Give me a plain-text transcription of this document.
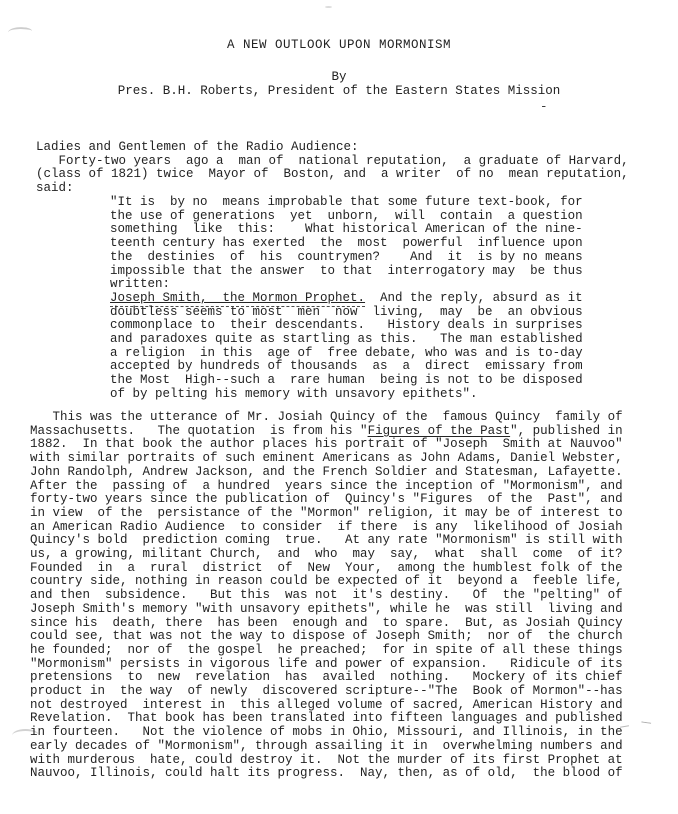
A NEW OUTLOOK UPON MORMONISM
By
Pres. B.H. Roberts, President of the Eastern States Mission
-
Ladies and Gentlemen of the Radio Audience:
Forty-two years  ago a  man of  national reputation,  a graduate of Harvard,
(class of 1821) twice  Mayor of  Boston, and  a writer  of no  mean reputation,
said:
"It is  by no  means improbable that some future text-book, for
the use of generations  yet  unborn,  will  contain  a question
something  like  this:    What historical American of the nine-
teenth century has exerted  the  most  powerful  influence upon
the  destinies  of  his  countrymen?    And  it  is by no means
impossible that the answer  to that  interrogatory may  be thus
written:
Joseph Smith,  the Mormon Prophet.  And the reply, absurd as it
doubtless seems to most  men  now  living,  may  be  an obvious
commonplace to  their descendants.   History deals in surprises
and paradoxes quite as startling as this.   The man established
a religion  in this  age of  free debate, who was and is to-day
accepted by hundreds of thousands  as  a  direct  emissary from
the Most  High--such a  rare human  being is not to be disposed
of by pelting his memory with unsavory epithets".
This was the utterance of Mr. Josiah Quincy of the  famous Quincy  family of
Massachusetts.   The quotation  is from his "Figures of the Past", published in
1882.  In that book the author places his portrait of "Joseph  Smith at Nauvoo"
with similar portraits of such eminent Americans as John Adams, Daniel Webster,
John Randolph, Andrew Jackson, and the French Soldier and Statesman, Lafayette.
After the  passing of  a hundred  years since the inception of "Mormonism", and
forty-two years since the publication of  Quincy's "Figures  of the  Past", and
in view  of the  persistance of the "Mormon" religion, it may be of interest to
an American Radio Audience  to consider  if there  is any  likelihood of Josiah
Quincy's bold  prediction coming  true.   At any rate "Mormonism" is still with
us, a growing, militant Church,  and  who  may  say,  what  shall  come  of it?
Founded  in  a  rural  district  of  New  Your,  among the humblest folk of the
country side, nothing in reason could be expected of it  beyond a  feeble life,
and then  subsidence.   But this  was not  it's destiny.   Of  the "pelting" of
Joseph Smith's memory "with unsavory epithets", while he  was still  living and
since his  death, there  has been  enough and  to spare.  But, as Josiah Quincy
could see, that was not the way to dispose of Joseph Smith;  nor of  the church
he founded;  nor of  the gospel  he preached;  for in spite of all these things
"Mormonism" persists in vigorous life and power of expansion.   Ridicule of its
pretensions  to  new  revelation  has  availed  nothing.   Mockery of its chief
product in  the way  of newly  discovered scripture--"The  Book of Mormon"--has
not destroyed  interest in  this alleged volume of sacred, American History and
Revelation.  That book has been translated into fifteen languages and published
in fourteen.   Not the violence of mobs in Ohio, Missouri, and Illinois, in the
early decades of "Mormonism", through assailing it in  overwhelming numbers and
with murderous  hate, could destroy it.  Not the murder of its first Prophet at
Nauvoo, Illinois, could halt its progress.  Nay, then, as of old,  the blood of
